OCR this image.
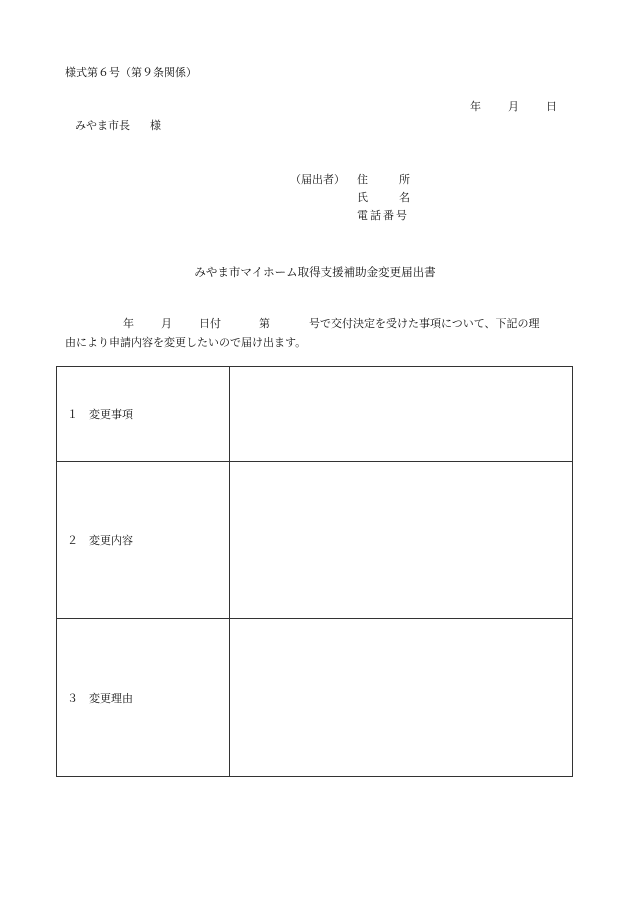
様式第６号（第９条関係）
年 月 日
みやま市長 様
（届出者） 住	所
氏	名
電話番号
みやま市マイホーム取得支援補助金変更届出書
年 月 日付	第	号で交付決定を受けた事項について、下記の理
由により申請内容を変更したいので届け出ます。
１ 変更事項	
２ 変更内容	
３ 変更理由	
